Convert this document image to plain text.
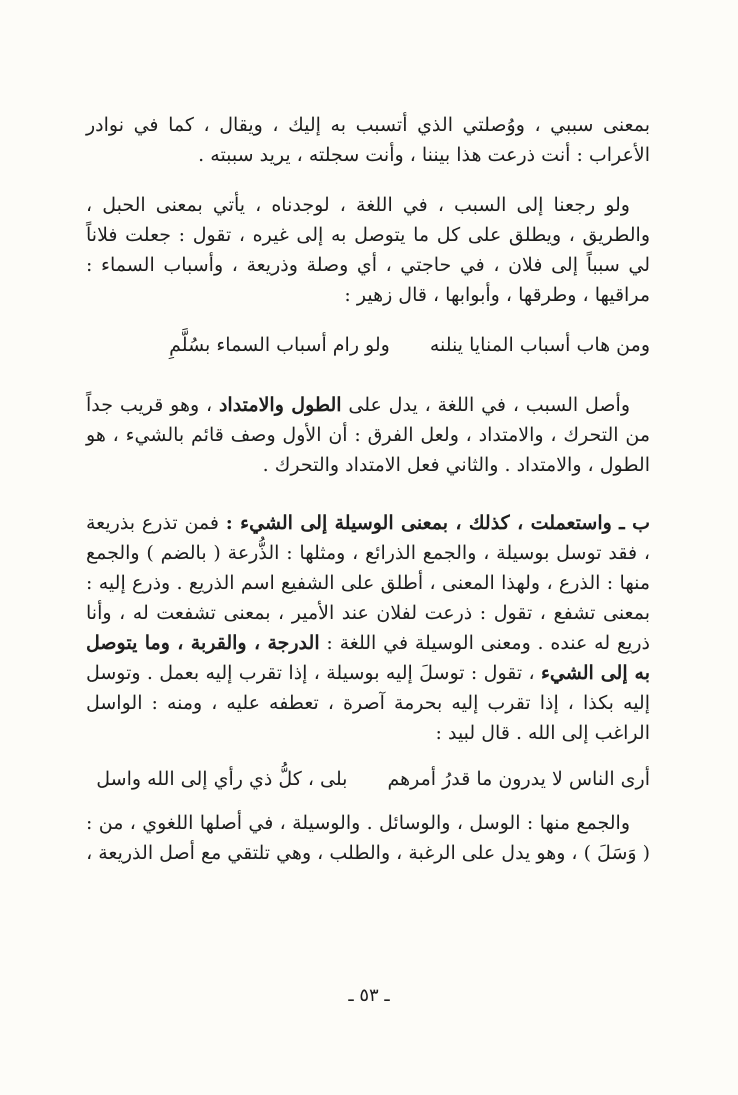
بمعنى سببي ، ووُصلتي الذي أتسبب به إليك ، ويقال ، كما في نوادر الأعراب : أنت ذرعت هذا بيننا ، وأنت سجلته ، يريد سببته .

ولو رجعنا إلى السبب ، في اللغة ، لوجدناه ، يأتي بمعنى الحبل ، والطريق ، ويطلق على كل ما يتوصل به إلى غيره ، تقول : جعلت فلاناً لي سبباً إلى فلان ، في حاجتي ، أي وصلة وذريعة ، وأسباب السماء : مراقيها ، وطرقها ، وأبوابها ، قال زهير :

ومن هاب أسباب المنايا ينلنه
ولو رام أسباب السماء بسُلَّمِ

وأصل السبب ، في اللغة ، يدل على الطول والامتداد ، وهو قريب جداً من التحرك ، والامتداد ، ولعل الفرق : أن الأول وصف قائم بالشيء ، هو الطول ، والامتداد . والثاني فعل الامتداد والتحرك .

ب ـ واستعملت ، كذلك ، بمعنى الوسيلة إلى الشيء : فمن تذرع بذريعة ، فقد توسل بوسيلة ، والجمع الذرائع ، ومثلها : الذُّرعة ( بالضم ) والجمع منها : الذرع ، ولهذا المعنى ، أطلق على الشفيع اسم الذريع . وذرع إليه : بمعنى تشفع ، تقول : ذرعت لفلان عند الأمير ، بمعنى تشفعت له ، وأنا ذريع له عنده . ومعنى الوسيلة في اللغة : الدرجة ، والقربة ، وما يتوصل به إلى الشيء ، تقول : توسلَ إليه بوسيلة ، إذا تقرب إليه بعمل . وتوسل إليه بكذا ، إذا تقرب إليه بحرمة آصرة ، تعطفه عليه ، ومنه : الواسل الراغب إلى الله . قال لبيد :

أرى الناس لا يدرون ما قدرُ أمرهم
بلى ، كلُّ ذي رأي إلى الله واسل

والجمع منها : الوسل ، والوسائل . والوسيلة ، في أصلها اللغوي ، من : ( وَسَلَ ) ، وهو يدل على الرغبة ، والطلب ، وهي تلتقي مع أصل الذريعة ،

ـ ٥٣ ـ
